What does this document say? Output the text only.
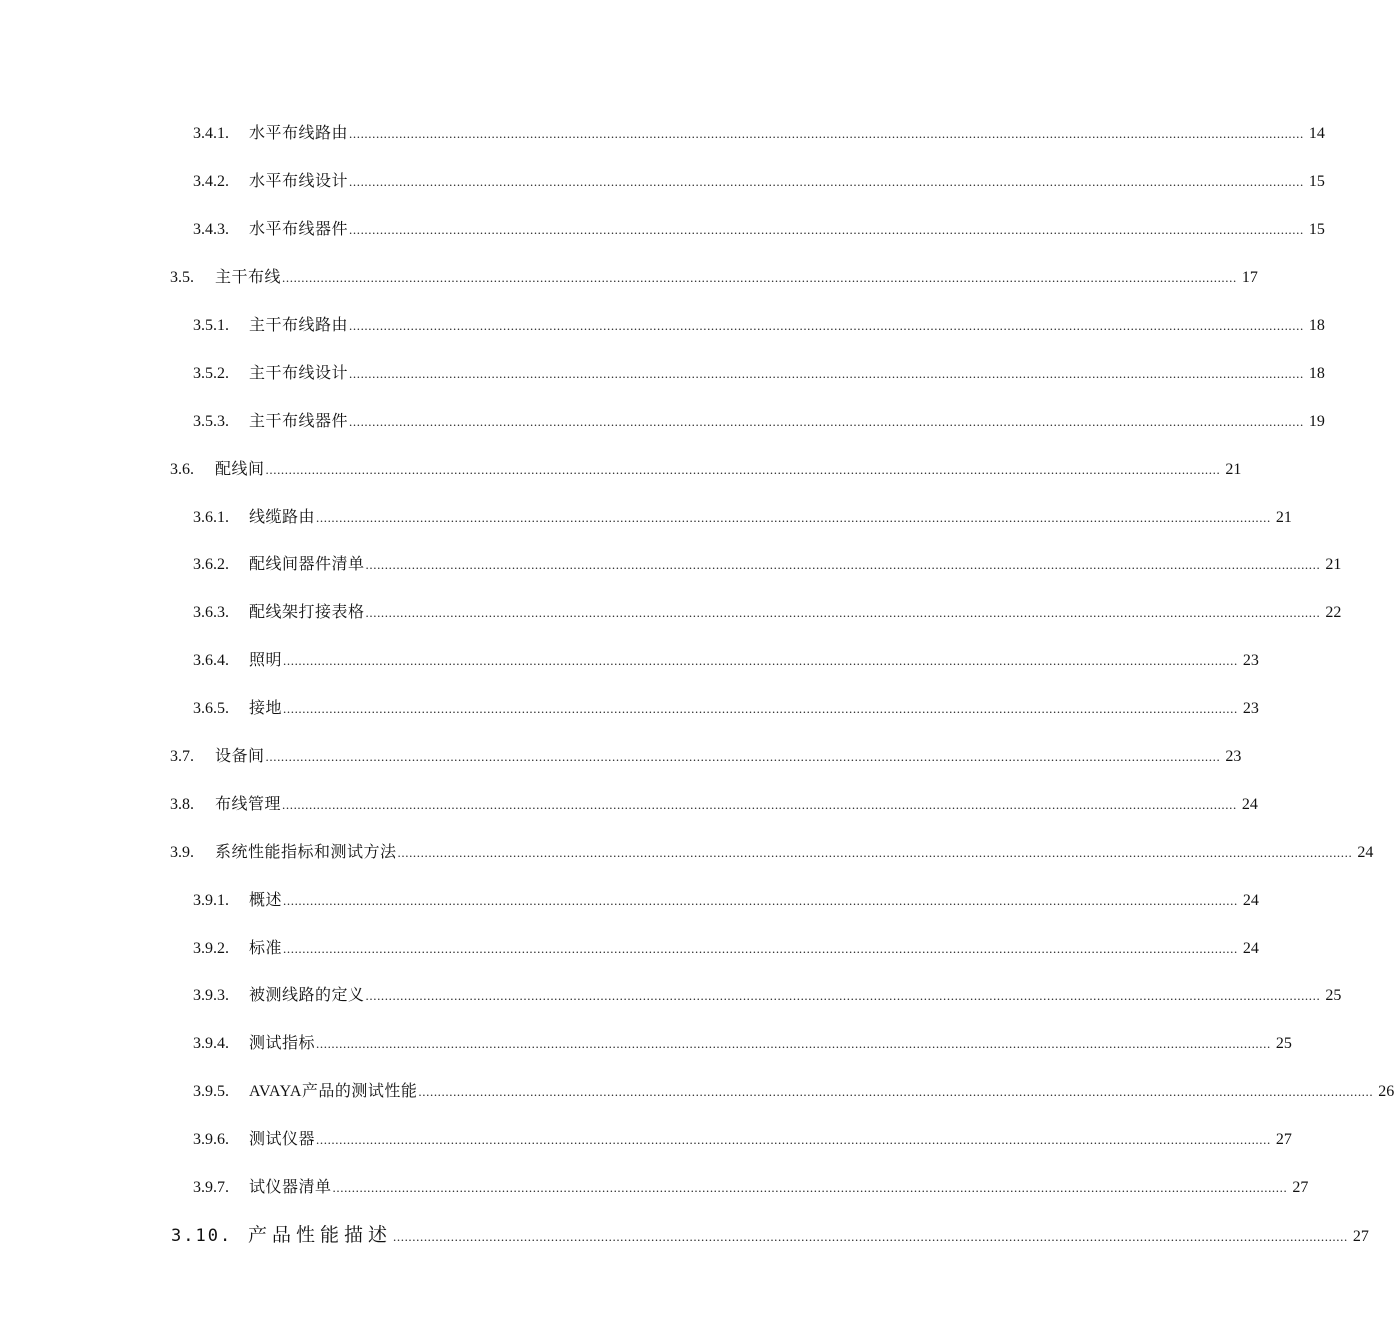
3.4.1.	水平布线路由 .....	14
3.4.2.	水平布线设计 .....	15
3.4.3.	水平布线器件 .....	15
3.5.	主干布线 .....	17
3.5.1.	主干布线路由 .....	18
3.5.2.	主干布线设计 .....	18
3.5.3.	主干布线器件 .....	19
3.6.	配线间 .....	21
3.6.1.	线缆路由 .....	21
3.6.2.	配线间器件清单 .....	21
3.6.3.	配线架打接表格 .....	22
3.6.4.	照明 .....	23
3.6.5.	接地 .....	23
3.7.	设备间 .....	23
3.8.	布线管理 .....	24
3.9.	系统性能指标和测试方法 .....	24
3.9.1.	概述 .....	24
3.9.2.	标准 .....	24
3.9.3.	被测线路的定义 .....	25
3.9.4.	测试指标 .....	25
3.9.5.	AVAYA产品的测试性能 .....	26
3.9.6.	测试仪器 .....	27
3.9.7.	试仪器清单 .....	27
3.10. 产品性能描述 .....	27
